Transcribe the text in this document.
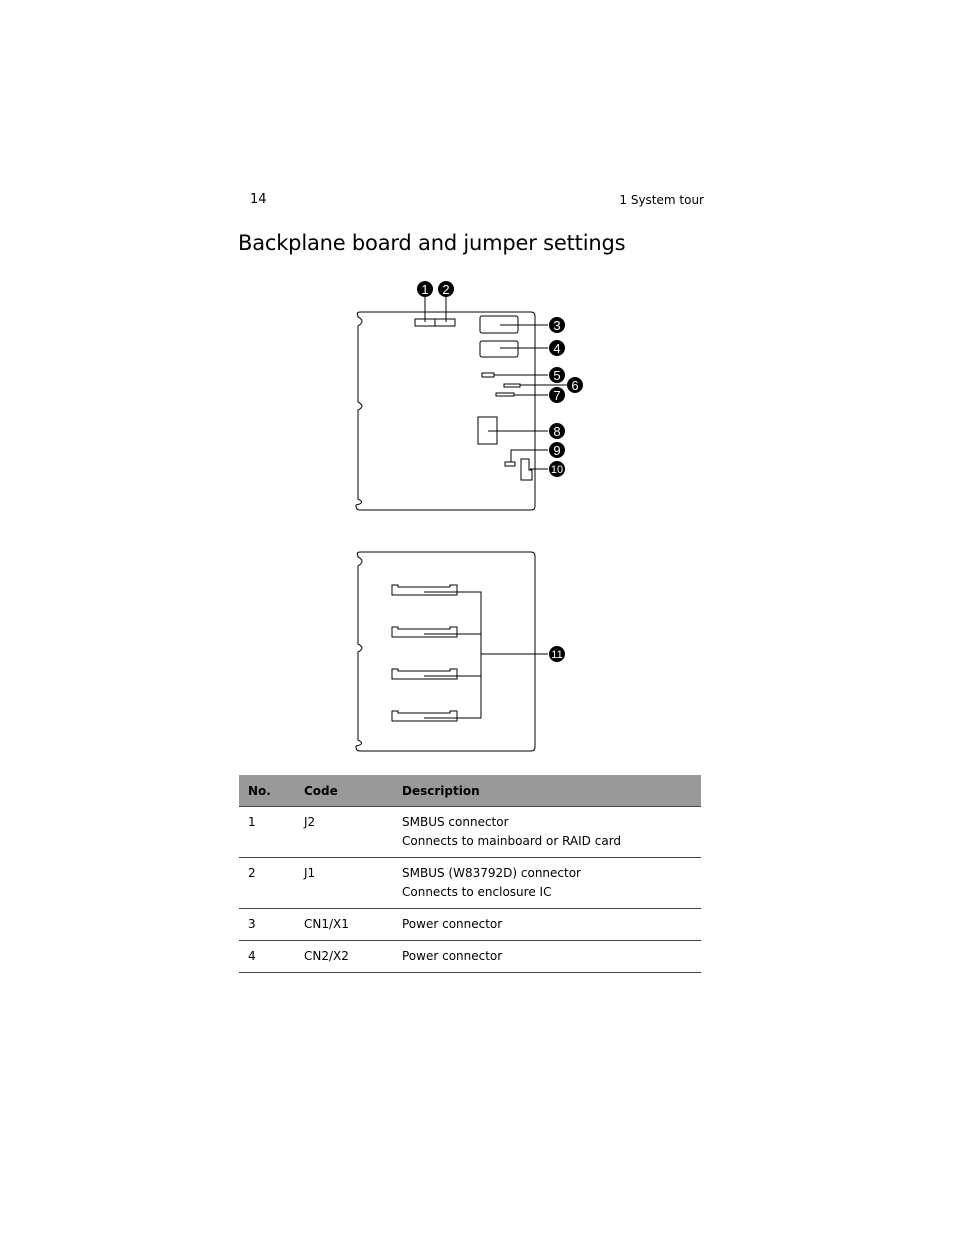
14	1 System tour
Backplane board and jumper settings
1 2
3
4
5
6
7
8
9
10
11
No.	Code	Description
1	J2	SMBUS connector
Connects to mainboard or RAID card

2	J1	SMBUS (W83792D) connector
Connects to enclosure IC

3	CN1/X1	Power connector

4	CN2/X2	Power connector
